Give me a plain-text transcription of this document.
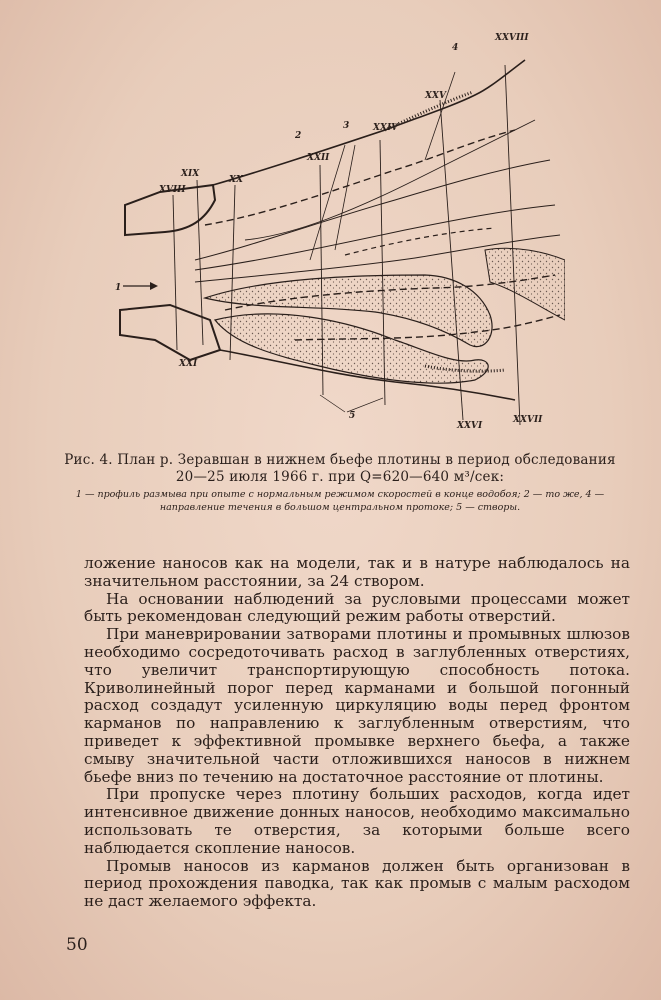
1
2
3
4
5
XVIII
XIX
XX
XXI
XXII
XXIV
XXV
XXVI
XXVII
XXVIII
Рис. 4. План р. Зеравшан в нижнем бьефе плотины в период обследования 20—25 июля 1966 г. при Q=620—640 м³/сек:
1 — профиль размыва при опыте с нормальным режимом скоростей в конце водобоя; 2 — то же, 4 — направление течения в большом центральном протоке; 5 — створы.

ложение наносов как на модели, так и в натуре наблюдалось на значительном расстоянии, за 24 створом.

На основании наблюдений за русловыми процессами может быть рекомендован следующий режим работы отверстий.

При маневрировании затворами плотины и промывных шлюзов необходимо сосредоточивать расход в заглубленных отверстиях, что увеличит транспортирующую способность потока. Криволинейный порог перед карманами и большой погонный расход создадут усиленную циркуляцию воды перед фронтом карманов по направлению к заглубленным отверстиям, что приведет к эффективной промывке верхнего бьефа, а также смыву значительной части отложившихся наносов в нижнем бьефе вниз по течению на достаточное расстояние от плотины.

При пропуске через плотину больших расходов, когда идет интенсивное движение донных наносов, необходимо максимально использовать те отверстия, за которыми больше всего наблюдается скопление наносов.

Промыв наносов из карманов должен быть организован в период прохождения паводка, так как промыв с малым расходом не даст желаемого эффекта.

50
